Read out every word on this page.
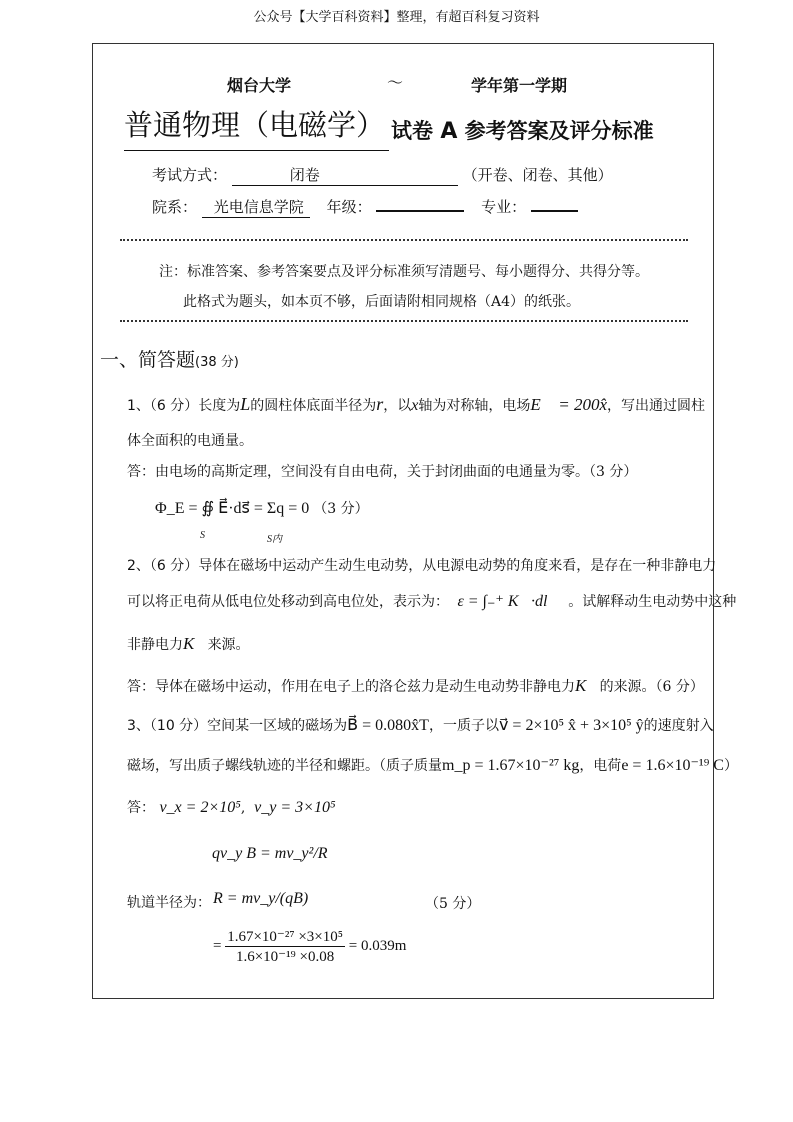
公众号【大学百科资料】整理，有超百科复习资料
烟台大学	～	学年第一学期
普通物理（电磁学） 试卷 A 参考答案及评分标准
考试方式：	闭卷	（开卷、闭卷、其他）
院系： 光电信息学院 年级：	专业：
注：标准答案、参考答案要点及评分标准须写清题号、每小题得分、共得分等。
此格式为题头，如本页不够，后面请附相同规格（A4）的纸张。
一、简答题(38 分)
1、（6 分）长度为L的圆柱体底面半径为r，以x轴为对称轴，电场E⃗ = 200x̂，写出通过圆柱
体全面积的电通量。
答：由电场的高斯定理，空间没有自由电荷，关于封闭曲面的电通量为零。（3 分）
Φ_E = ∯ E⃗·ds⃗ = Σq = 0 （3 分）
S	S内
2、（6 分）导体在磁场中运动产生动生电动势，从电源电动势的角度来看，是存在一种非静电力
可以将正电荷从低电位处移动到高电位处，表示为： ε = ∫₋⁺ K⃗·dl⃗ 。试解释动生电动势中这种
非静电力K⃗来源。
答：导体在磁场中运动，作用在电子上的洛仑兹力是动生电动势非静电力K⃗的来源。（6 分）
3、（10 分）空间某一区域的磁场为B⃗ = 0.080x̂T，一质子以v⃗ = 2×10⁵ x̂ + 3×10⁵ ŷ的速度射入
磁场，写出质子螺线轨迹的半径和螺距。（质子质量m_p = 1.67×10⁻²⁷ kg，电荷e = 1.6×10⁻¹⁹ C）
答： v_x = 2×10⁵,  v_y = 3×10⁵
qv_y B = mv_y²/R
轨道半径为： R = mv_y/(qB)	（5 分）
= $\frac{\text{1.67×10⁻²⁷ ×3×10⁵}}{\text{1.6×10⁻¹⁹ ×0.08}} = 0.039m$
